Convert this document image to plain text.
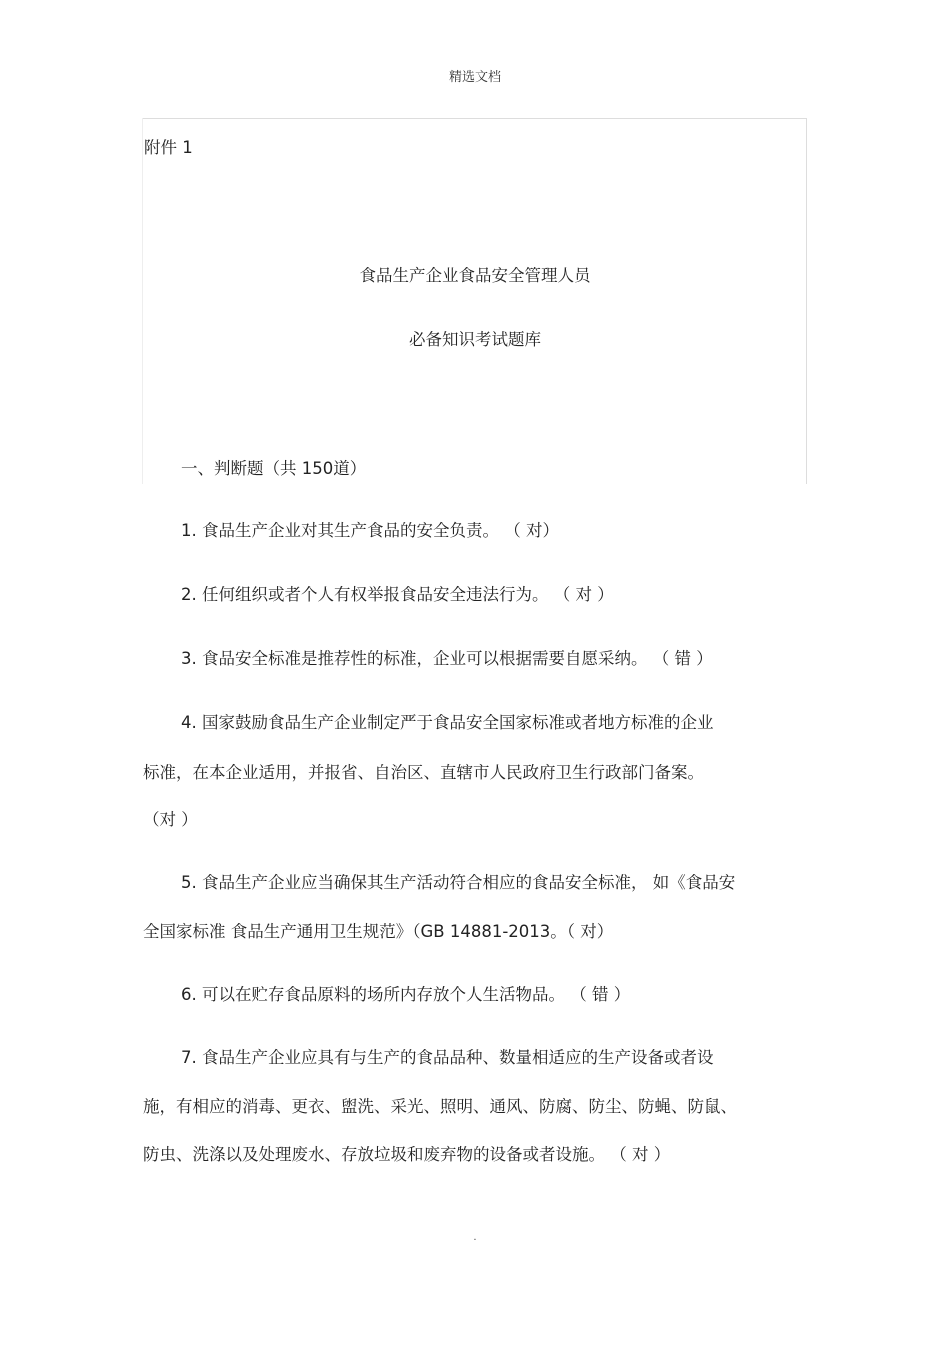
精选文档
附件 1
食品生产企业食品安全管理人员
必备知识考试题库
一、判断题（共 150道）
1. 食品生产企业对其生产食品的安全负责。 （ 对）
2. 任何组织或者个人有权举报食品安全违法行为。 （ 对 ）
3. 食品安全标准是推荐性的标准，企业可以根据需要自愿采纳。 （ 错 ）
4. 国家鼓励食品生产企业制定严于食品安全国家标准或者地方标准的企业
标准，在本企业适用，并报省、自治区、直辖市人民政府卫生行政部门备案。
（对 ）
5. 食品生产企业应当确保其生产活动符合相应的食品安全标准， 如《食品安
全国家标准 食品生产通用卫生规范》（GB 14881-2013。（ 对）
6. 可以在贮存食品原料的场所内存放个人生活物品。 （ 错 ）
7. 食品生产企业应具有与生产的食品品种、数量相适应的生产设备或者设
施，有相应的消毒、更衣、盥洗、采光、照明、通风、防腐、防尘、防蝇、防鼠、
防虫、洗涤以及处理废水、存放垃圾和废弃物的设备或者设施。 （ 对 ）
.
